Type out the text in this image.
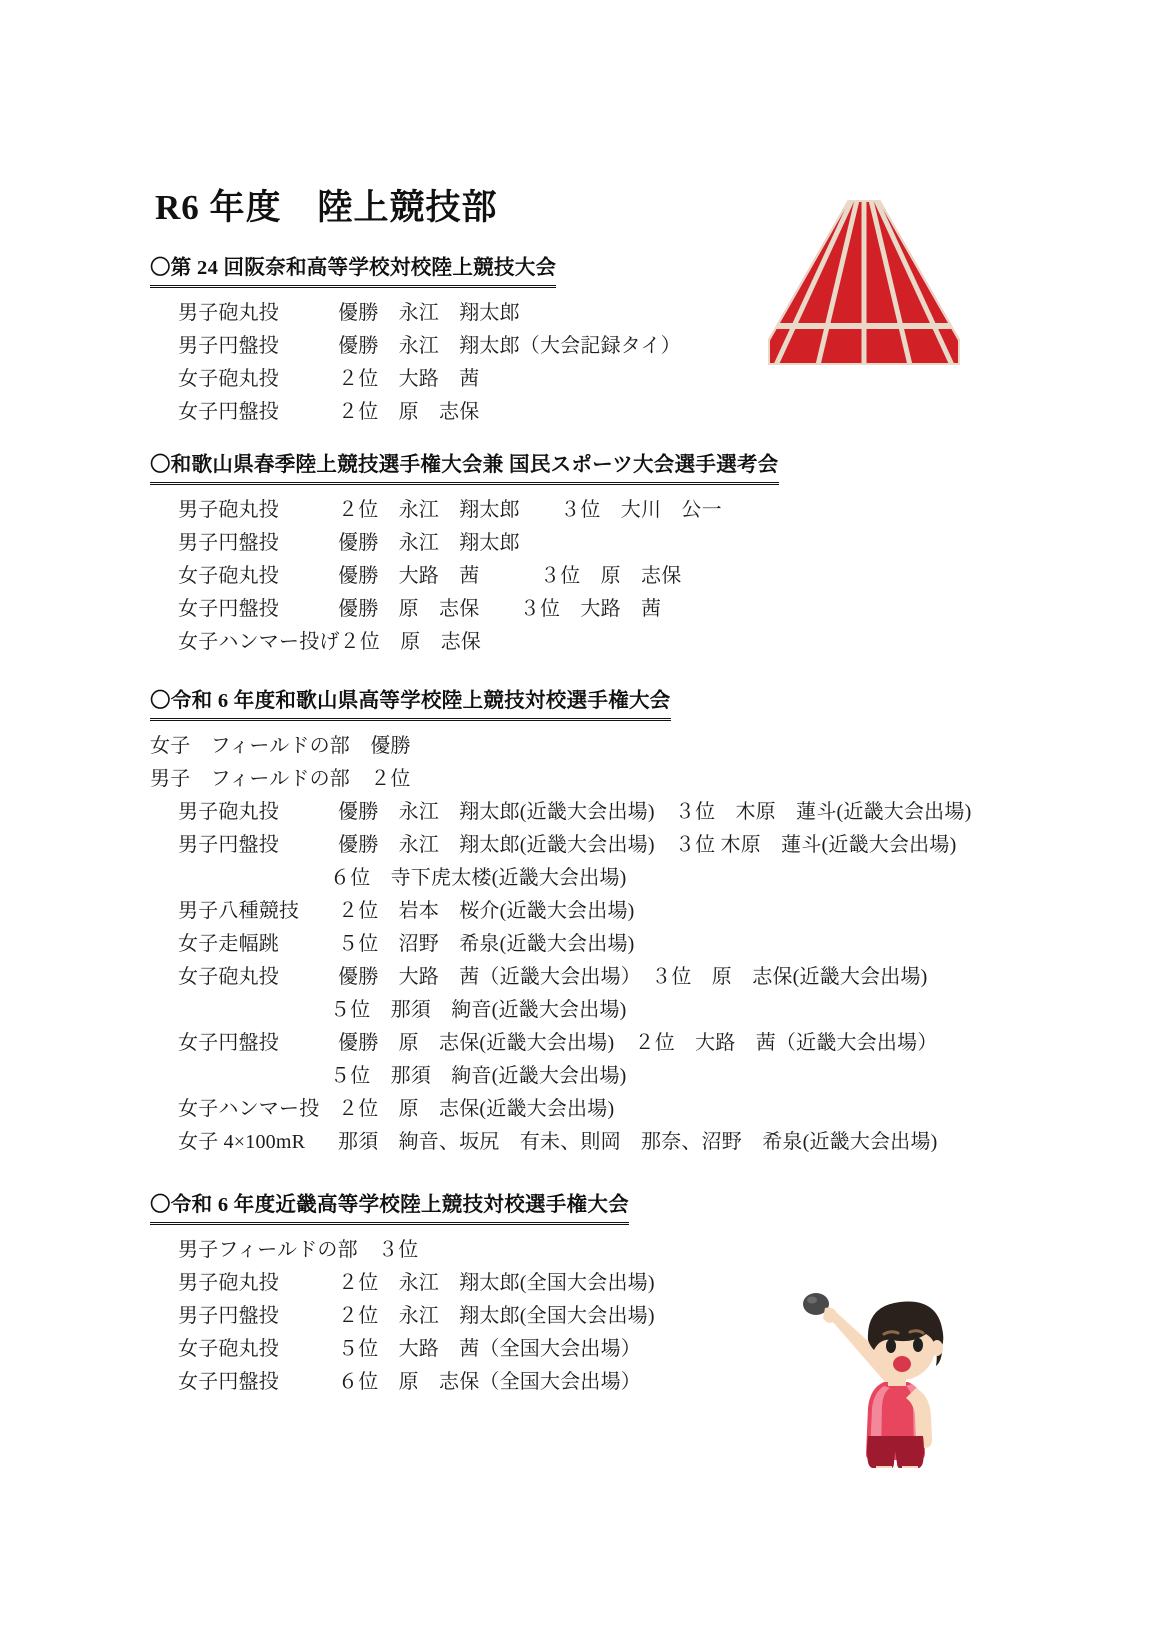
R6 年度　陸上競技部
〇第 24 回阪奈和高等学校対校陸上競技大会
男子砲丸投	優勝　永江　翔太郎
男子円盤投	優勝　永江　翔太郎（大会記録タイ）
女子砲丸投	２位　大路　茜
女子円盤投	２位　原　志保
〇和歌山県春季陸上競技選手権大会兼 国民スポーツ大会選手選考会
男子砲丸投	２位　永江　翔太郎　　３位　大川　公一
男子円盤投	優勝　永江　翔太郎
女子砲丸投	優勝　大路　茜　　　３位　原　志保
女子円盤投	優勝　原　志保　　３位　大路　茜
女子ハンマー投げ ２位　原　志保
〇令和 6 年度和歌山県高等学校陸上競技対校選手権大会
女子　フィールドの部　優勝
男子　フィールドの部　２位
男子砲丸投	優勝　永江　翔太郎(近畿大会出場)　３位　木原　蓮斗(近畿大会出場)
男子円盤投	優勝　永江　翔太郎(近畿大会出場)　３位 木原　蓮斗(近畿大会出場)
６位　寺下虎太楼(近畿大会出場)
男子八種競技	２位　岩本　桜介(近畿大会出場)
女子走幅跳	５位　沼野　希泉(近畿大会出場)
女子砲丸投	優勝　大路　茜（近畿大会出場）　３位　原　志保(近畿大会出場)
５位　那須　絢音(近畿大会出場)
女子円盤投	優勝　原　志保(近畿大会出場)　２位　大路　茜（近畿大会出場）
５位　那須　絢音(近畿大会出場)
女子ハンマー投 ２位　原　志保(近畿大会出場)
女子 4×100mR	那須　絢音、坂尻　有未、則岡　那奈、沼野　希泉(近畿大会出場)
〇令和 6 年度近畿高等学校陸上競技対校選手権大会
男子フィールドの部　３位
男子砲丸投	２位　永江　翔太郎(全国大会出場)
男子円盤投	２位　永江　翔太郎(全国大会出場)
女子砲丸投	５位　大路　茜（全国大会出場）
女子円盤投	６位　原　志保（全国大会出場）
